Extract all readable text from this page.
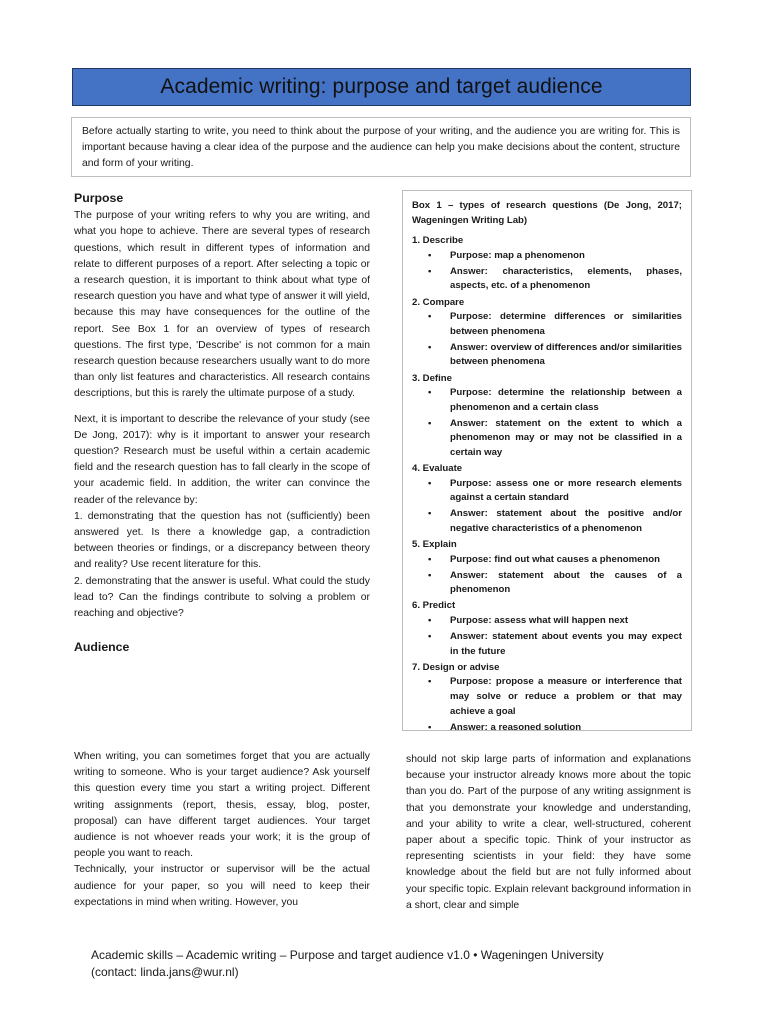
Academic writing: purpose and target audience
Before actually starting to write, you need to think about the purpose of your writing, and the audience you are writing for. This is important because having a clear idea of the purpose and the audience can help you make decisions about the content, structure and form of your writing.
Purpose

The purpose of your writing refers to why you are writing, and what you hope to achieve. There are several types of research questions, which result in different types of information and relate to different purposes of a report. After selecting a topic or a research question, it is important to think about what type of research question you have and what type of answer it will yield, because this may have consequences for the outline of the report. See Box 1 for an overview of types of research questions. The first type, 'Describe' is not common for a main research question because researchers usually want to do more than only list features and characteristics. All research contains descriptions, but this is rarely the ultimate purpose of a study.

Next, it is important to describe the relevance of your study (see De Jong, 2017): why is it important to answer your research question? Research must be useful within a certain academic field and the research question has to fall clearly in the scope of your academic field. In addition, the writer can convince the reader of the relevance by:

1. demonstrating that the question has not (sufficiently) been answered yet. Is there a knowledge gap, a contradiction between theories or findings, or a discrepancy between theory and reality? Use recent literature for this.

2. demonstrating that the answer is useful. What could the study lead to? Can the findings contribute to solving a problem or reaching and objective?

Audience
Box 1 – types of research questions (De Jong, 2017; Wageningen Writing Lab)
1. Describe
• Purpose: map a phenomenon
• Answer: characteristics, elements, phases, aspects, etc. of a phenomenon
2. Compare
• Purpose: determine differences or similarities between phenomena
• Answer: overview of differences and/or similarities between phenomena
3. Define
• Purpose: determine the relationship between a phenomenon and a certain class
• Answer: statement on the extent to which a phenomenon may or may not be classified in a certain way
4. Evaluate
• Purpose: assess one or more research elements against a certain standard
• Answer: statement about the positive and/or negative characteristics of a phenomenon
5. Explain
• Purpose: find out what causes a phenomenon
• Answer: statement about the causes of a phenomenon
6. Predict
• Purpose: assess what will happen next
• Answer: statement about events you may expect in the future
7. Design or advise
• Purpose: propose a measure or interference that may solve or reduce a problem or that may achieve a goal
• Answer: a reasoned solution

When writing, you can sometimes forget that you are actually writing to someone. Who is your target audience? Ask yourself this question every time you start a writing project. Different writing assignments (report, thesis, essay, blog, poster, proposal) can have different target audiences. Your target audience is not whoever reads your work; it is the group of people you want to reach.

Technically, your instructor or supervisor will be the actual audience for your paper, so you will need to keep their expectations in mind when writing. However, you

should not skip large parts of information and explanations because your instructor already knows more about the topic than you do. Part of the purpose of any writing assignment is that you demonstrate your knowledge and understanding, and your ability to write a clear, well-structured, coherent paper about a specific topic. Think of your instructor as representing scientists in your field: they have some knowledge about the field but are not fully informed about your specific topic. Explain relevant background information in a short, clear and simple

Academic skills – Academic writing – Purpose and target audience v1.0 • Wageningen University
(contact: linda.jans@wur.nl)
